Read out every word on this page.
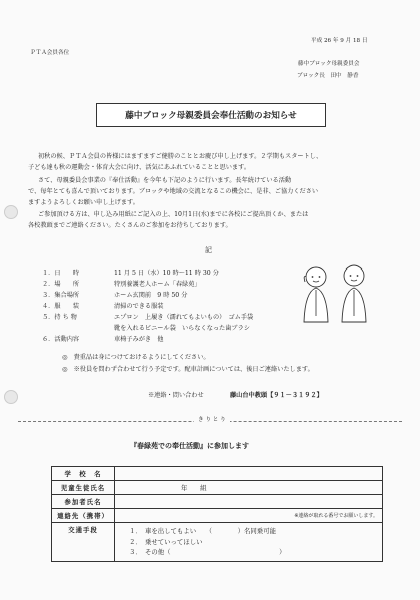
平成 26 年 9 月 18 日
ＰＴＡ会員各位
藤中ブロック母親委員会
ブロック長　田中　静香
藤中ブロック母親委員会奉仕活動のお知らせ
初秋の候、ＰＴＡ会員の皆様にはますますご健勝のこととお慶び申し上げます。２学期もスタートし、
子ども達も秋の運動会・体育大会に向け、活気にあふれていることと思います。
さて、母親委員会事業の『奉仕活動』を今年も下記のように行います。長年続けている活動
で、毎年とても喜んで頂いております。ブロックや地域の交流となるこの機会に、是非、ご協力ください
ますようよろしくお願い申し上げます。
ご参加頂ける方は、申し込み用紙にご記入の上、10月1日(水)までに各校にご提出頂くか、または
各校教頭までご連絡ください。たくさんのご参加をお待ちしております。
記
１．日　　時	11 月 5 日（水）10 時～11 時 30 分
２．場　　所	特別養護老人ホーム「春緑苑」
３．集合場所	ホーム玄関前　9 時 50 分
４．服　　装	清掃のできる服装
５．持 ち 物	エプロン　上履き（濡れてもよいもの）　ゴム手袋
靴を入れるビニール袋　いらなくなった歯ブラシ
６．活動内容	車椅子みがき　他
◎　貴重品は身につけておけるようにしてください。
◎　※役員を問わず合わせて行う予定です。配車計画については、後日ご連絡いたします。
※連絡・問い合わせ	藤山台中教頭【９１－３１９２】
き り と り
『春緑苑での奉仕活動』に参加します
学　校　名	
児童生徒氏名	年　　組
参加者氏名	
連絡先（携帯）	※連絡が取れる番号でお願いします。

交通手段	１．　車を出してもよい　　（　　　　）名同乗可能
２．　乗せていってほしい
３．　その他（　　　　　　　　　　　　　　　　　）
